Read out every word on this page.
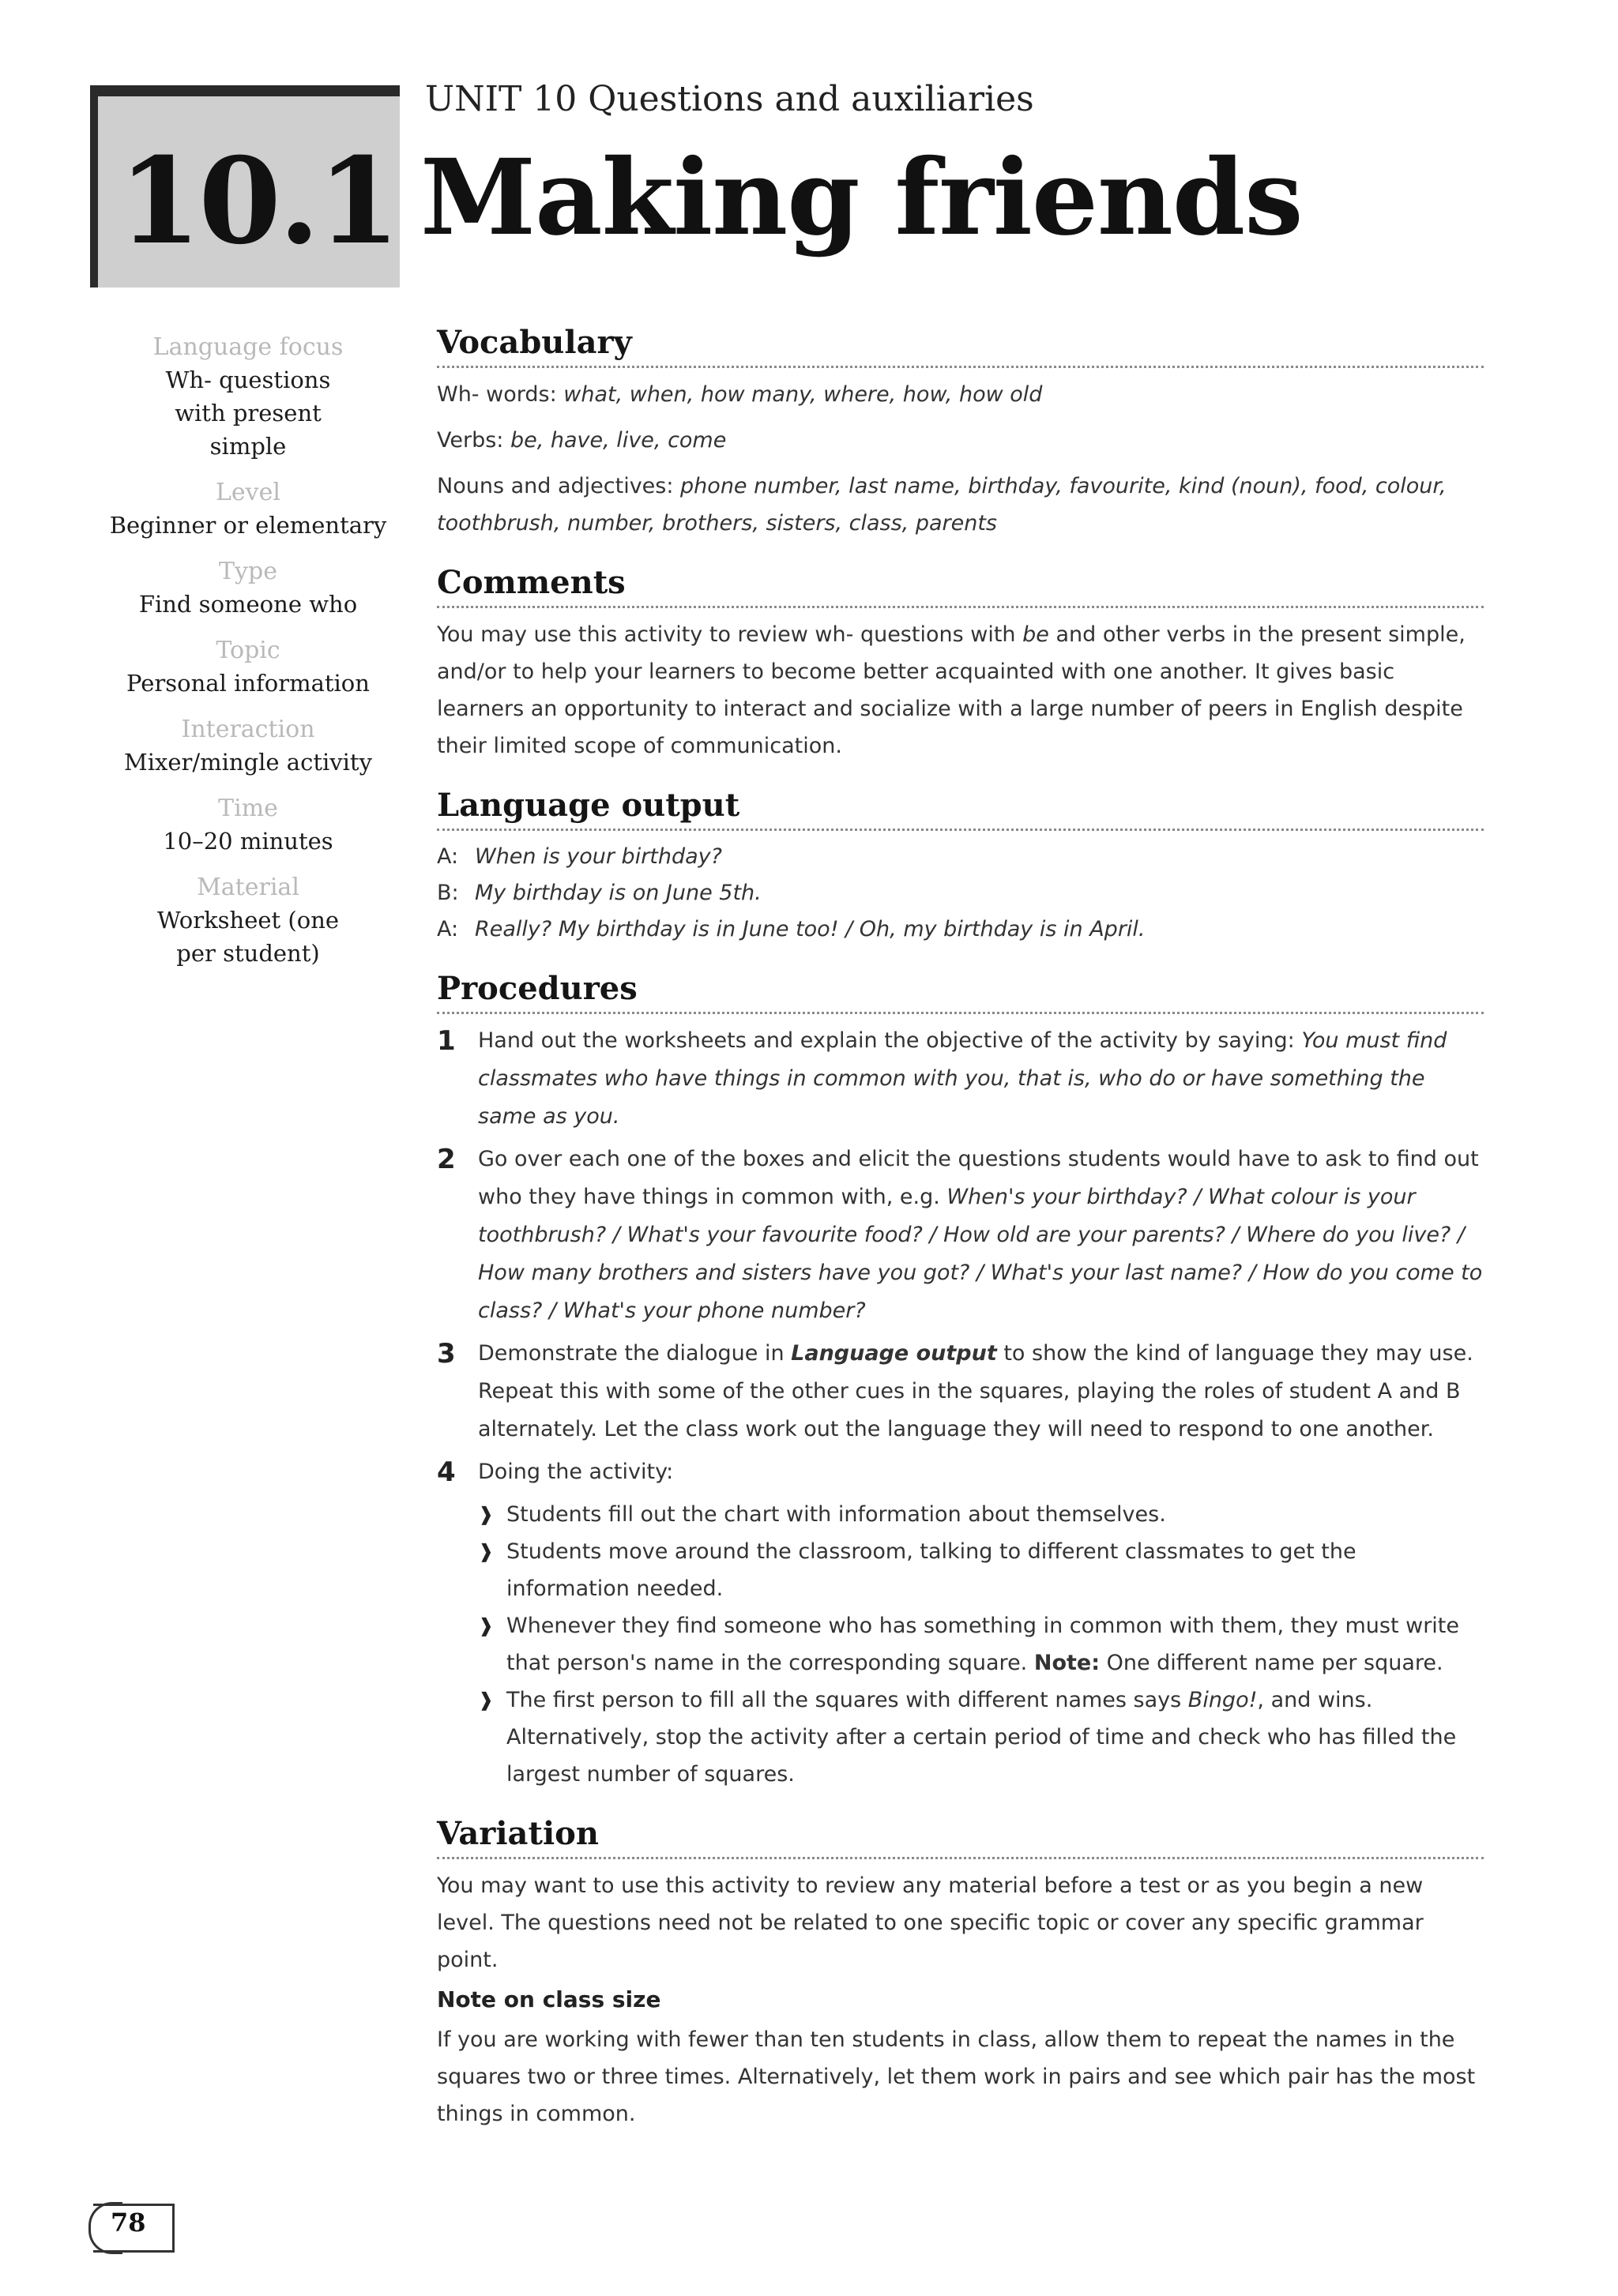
10.1
UNIT 10 Questions and auxiliaries
Making friends
Language focus
Wh- questions with present simple
Level
Beginner or elementary
Type
Find someone who
Topic
Personal information
Interaction
Mixer/mingle activity
Time
10–20 minutes
Material
Worksheet (one per student)
Vocabulary
Wh- words: what, when, how many, where, how, how old
Verbs: be, have, live, come
Nouns and adjectives: phone number, last name, birthday, favourite, kind (noun), food, colour, toothbrush, number, brothers, sisters, class, parents
Comments
You may use this activity to review wh- questions with be and other verbs in the present simple, and/or to help your learners to become better acquainted with one another. It gives basic learners an opportunity to interact and socialize with a large number of peers in English despite their limited scope of communication.
Language output
A: When is your birthday?
B: My birthday is on June 5th.
A: Really? My birthday is in June too! / Oh, my birthday is in April.
Procedures
1 Hand out the worksheets and explain the objective of the activity by saying: You must find classmates who have things in common with you, that is, who do or have something the same as you.
2 Go over each one of the boxes and elicit the questions students would have to ask to find out who they have things in common with, e.g. When's your birthday? / What colour is your toothbrush? / What's your favourite food? / How old are your parents? / Where do you live? / How many brothers and sisters have you got? / What's your last name? / How do you come to class? / What's your phone number?
3 Demonstrate the dialogue in Language output to show the kind of language they may use. Repeat this with some of the other cues in the squares, playing the roles of student A and B alternately. Let the class work out the language they will need to respond to one another.
4 Doing the activity:
❱ Students fill out the chart with information about themselves.
❱ Students move around the classroom, talking to different classmates to get the information needed.
❱ Whenever they find someone who has something in common with them, they must write that person's name in the corresponding square. Note: One different name per square.
❱ The first person to fill all the squares with different names says Bingo!, and wins. Alternatively, stop the activity after a certain period of time and check who has filled the largest number of squares.
Variation
You may want to use this activity to review any material before a test or as you begin a new level. The questions need not be related to one specific topic or cover any specific grammar point.
Note on class size
If you are working with fewer than ten students in class, allow them to repeat the names in the squares two or three times. Alternatively, let them work in pairs and see which pair has the most things in common.
78
